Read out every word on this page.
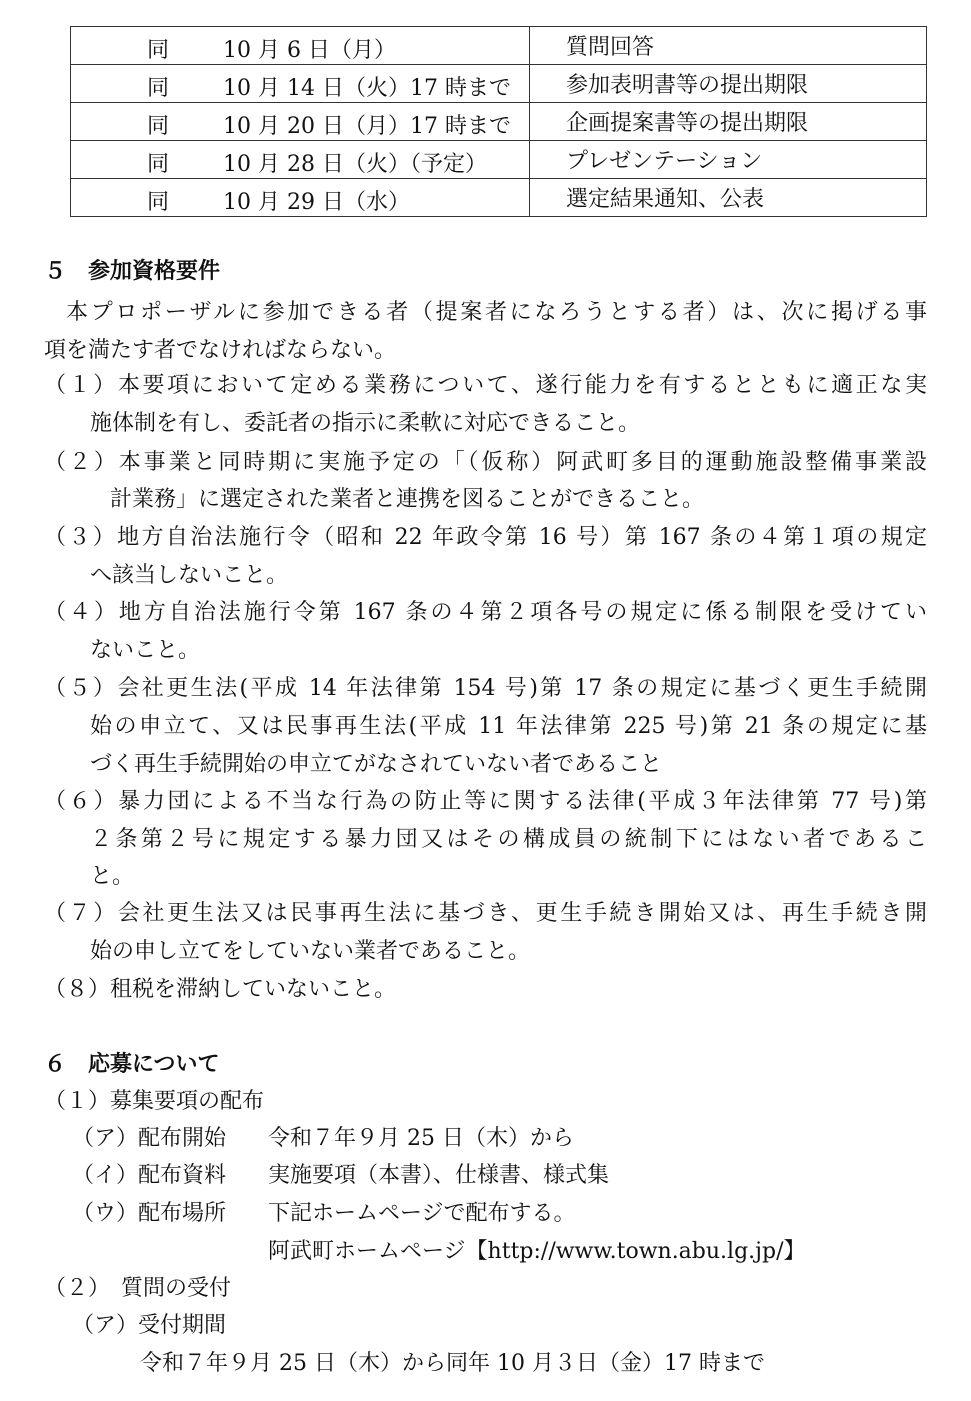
同 10 月 6 日（月）	質問回答

同 10 月 14 日（火）17 時まで	参加表明書等の提出期限

同 10 月 20 日（月）17 時まで	企画提案書等の提出期限

同 10 月 28 日（火）（予定）	プレゼンテーション

同 10 月 29 日（水）	選定結果通知、公表
５　参加資格要件
本プロポーザルに参加できる者（提案者になろうとする者）は、次に掲げる事
項を満たす者でなければならない。
（１）本要項において定める業務について、遂行能力を有するとともに適正な実
施体制を有し、委託者の指示に柔軟に対応できること。
（２）本事業と同時期に実施予定の「（仮称）阿武町多目的運動施設整備事業設
計業務」に選定された業者と連携を図ることができること。
（３）地方自治法施行令（昭和 22 年政令第 16 号）第 167 条の４第１項の規定
へ該当しないこと。
（４）地方自治法施行令第 167 条の４第２項各号の規定に係る制限を受けてい
ないこと。
（５）会社更生法(平成 14 年法律第 154 号)第 17 条の規定に基づく更生手続開
始の申立て、又は民事再生法(平成 11 年法律第 225 号)第 21 条の規定に基
づく再生手続開始の申立てがなされていない者であること
（６）暴力団による不当な行為の防止等に関する法律(平成３年法律第 77 号)第
２条第２号に規定する暴力団又はその構成員の統制下にはない者であるこ
と。
（７）会社更生法又は民事再生法に基づき、更生手続き開始又は、再生手続き開
始の申し立てをしていない業者であること。
（８）租税を滞納していないこと。
６　応募について
（１）募集要項の配布
（ア）配布開始 令和７年９月 25 日（木）から
（イ）配布資料 実施要項（本書）、仕様書、様式集
（ウ）配布場所 下記ホームページで配布する。
阿武町ホームページ【http://www.town.abu.lg.jp/】
（２）　質問の受付
（ア）受付期間
令和７年９月 25 日（木）から同年 10 月３日（金）17 時まで
